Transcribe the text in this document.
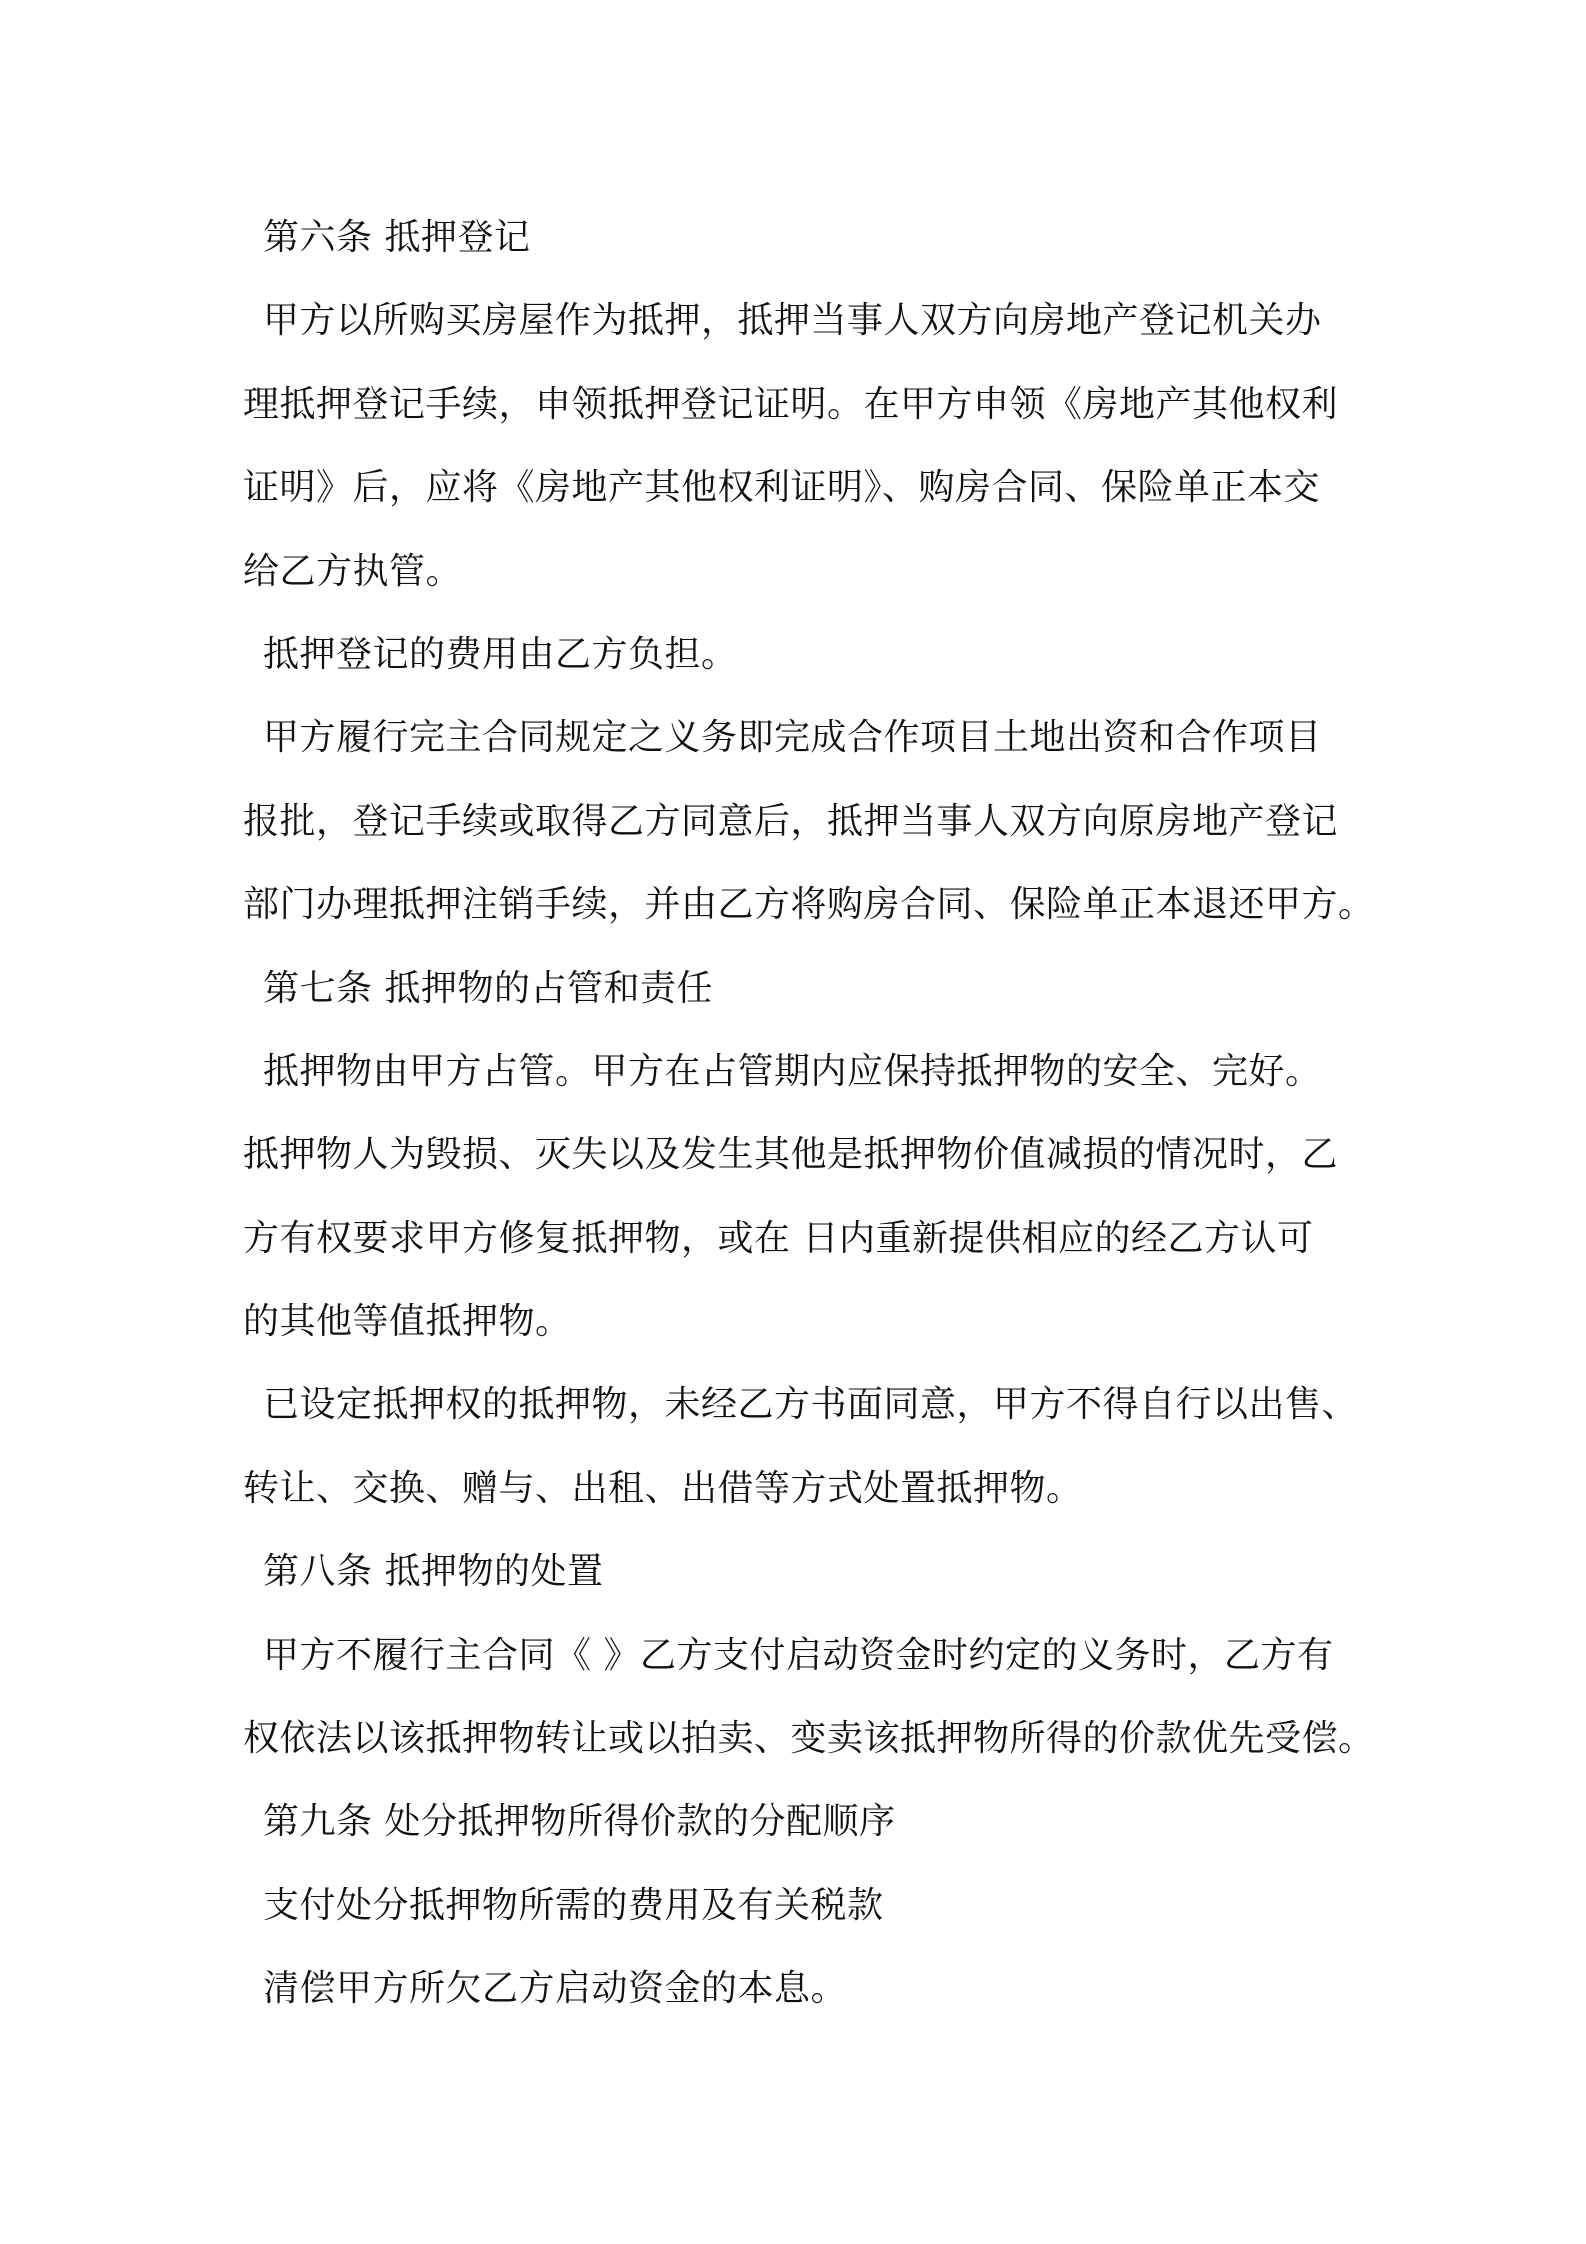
第六条 抵押登记
甲方以所购买房屋作为抵押，抵押当事人双方向房地产登记机关办
理抵押登记手续，申领抵押登记证明。在甲方申领《房地产其他权利
证明》后，应将《房地产其他权利证明》、购房合同、保险单正本交
给乙方执管。
抵押登记的费用由乙方负担。
甲方履行完主合同规定之义务即完成合作项目土地出资和合作项目
报批，登记手续或取得乙方同意后，抵押当事人双方向原房地产登记
部门办理抵押注销手续，并由乙方将购房合同、保险单正本退还甲方。
第七条 抵押物的占管和责任
抵押物由甲方占管。甲方在占管期内应保持抵押物的安全、完好。
抵押物人为毁损、灭失以及发生其他是抵押物价值减损的情况时，乙
方有权要求甲方修复抵押物，或在 日内重新提供相应的经乙方认可
的其他等值抵押物。
已设定抵押权的抵押物，未经乙方书面同意，甲方不得自行以出售、
转让、交换、赠与、出租、出借等方式处置抵押物。
第八条 抵押物的处置
甲方不履行主合同《 》乙方支付启动资金时约定的义务时，乙方有
权依法以该抵押物转让或以拍卖、变卖该抵押物所得的价款优先受偿。
第九条 处分抵押物所得价款的分配顺序
支付处分抵押物所需的费用及有关税款
清偿甲方所欠乙方启动资金的本息。
